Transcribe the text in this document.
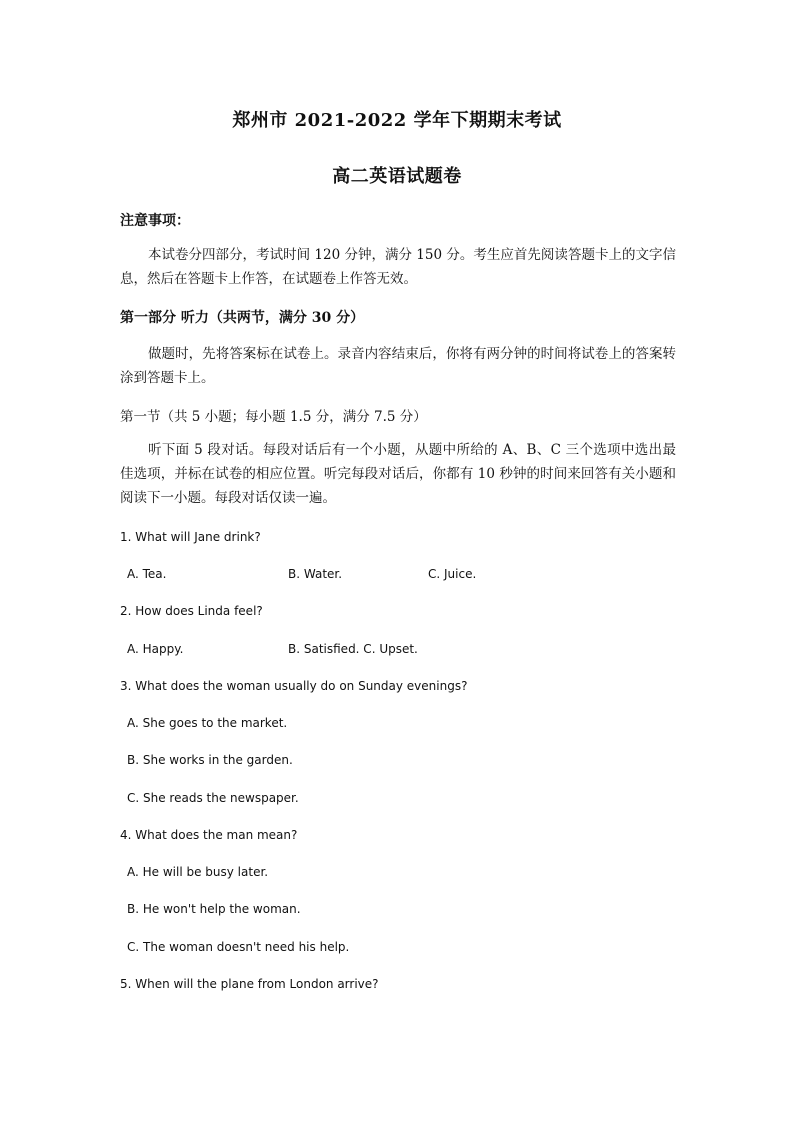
郑州市 2021-2022 学年下期期末考试
高二英语试题卷
注意事项：
本试卷分四部分，考试时间 120 分钟，满分 150 分。考生应首先阅读答题卡上的文字信息，然后在答题卡上作答，在试题卷上作答无效。
第一部分 听力（共两节，满分 30 分）
做题时，先将答案标在试卷上。录音内容结束后，你将有两分钟的时间将试卷上的答案转涂到答题卡上。
第一节（共 5 小题；每小题 1.5 分，满分 7.5 分）
听下面 5 段对话。每段对话后有一个小题，从题中所给的 A、B、C 三个选项中选出最佳选项，并标在试卷的相应位置。听完每段对话后，你都有 10 秒钟的时间来回答有关小题和阅读下一小题。每段对话仅读一遍。
1. What will Jane drink?
A. Tea.	B. Water.	C. Juice.
2. How does Linda feel?
A. Happy.	B. Satisfied. C. Upset.
3. What does the woman usually do on Sunday evenings?
A. She goes to the market.
B. She works in the garden.
C. She reads the newspaper.
4. What does the man mean?
A. He will be busy later.
B. He won't help the woman.
C. The woman doesn't need his help.
5. When will the plane from London arrive?
